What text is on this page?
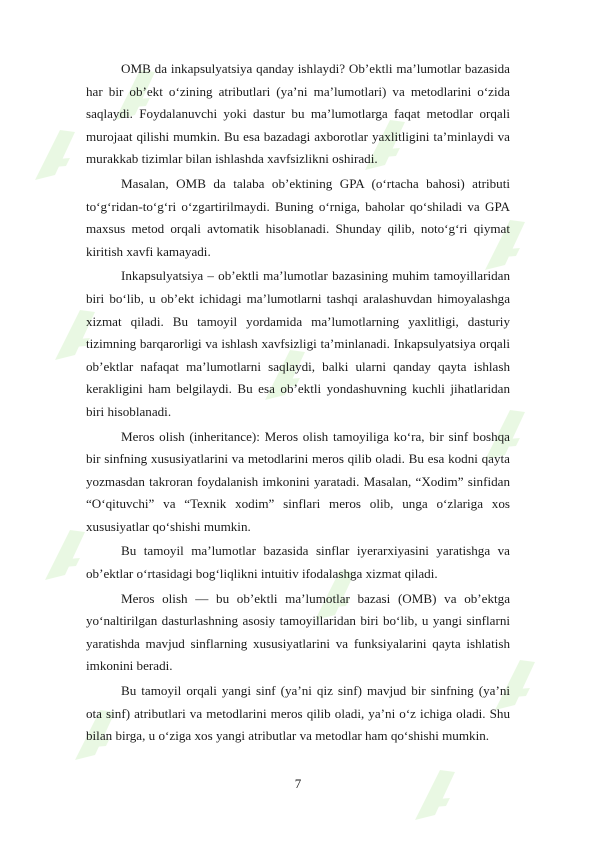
OMB da inkapsulyatsiya qanday ishlaydi? Ob’ektli ma’lumotlar bazasida har bir ob’ekt o‘zining atributlari (ya’ni ma’lumotlari) va metodlarini o‘zida saqlaydi. Foydalanuvchi yoki dastur bu ma’lumotlarga faqat metodlar orqali murojaat qilishi mumkin. Bu esa bazadagi axborotlar yaxlitligini ta’minlaydi va murakkab tizimlar bilan ishlashda xavfsizlikni oshiradi.

Masalan, OMB da talaba ob’ektining GPA (o‘rtacha bahosi) atributi to‘g‘ridan-to‘g‘ri o‘zgartirilmaydi. Buning o‘rniga, baholar qo‘shiladi va GPA maxsus metod orqali avtomatik hisoblanadi. Shunday qilib, noto‘g‘ri qiymat kiritish xavfi kamayadi.

Inkapsulyatsiya – ob’ektli ma’lumotlar bazasining muhim tamoyillaridan biri bo‘lib, u ob’ekt ichidagi ma’lumotlarni tashqi aralashuvdan himoyalashga xizmat qiladi. Bu tamoyil yordamida ma’lumotlarning yaxlitligi, dasturiy tizimning barqarorligi va ishlash xavfsizligi ta’minlanadi. Inkapsulyatsiya orqali ob’ektlar nafaqat ma’lumotlarni saqlaydi, balki ularni qanday qayta ishlash kerakligini ham belgilaydi. Bu esa ob’ektli yondashuvning kuchli jihatlaridan biri hisoblanadi.

Meros olish (inheritance): Meros olish tamoyiliga ko‘ra, bir sinf boshqa bir sinfning xususiyatlarini va metodlarini meros qilib oladi. Bu esa kodni qayta yozmasdan takroran foydalanish imkonini yaratadi. Masalan, “Xodim” sinfidan “O‘qituvchi” va “Texnik xodim” sinflari meros olib, unga o‘zlariga xos xususiyatlar qo‘shishi mumkin.

Bu tamoyil ma’lumotlar bazasida sinflar iyerarxiyasini yaratishga va ob’ektlar o‘rtasidagi bog‘liqlikni intuitiv ifodalashga xizmat qiladi.

Meros olish — bu ob’ektli ma’lumotlar bazasi (OMB) va ob’ektga yo‘naltirilgan dasturlashning asosiy tamoyillaridan biri bo‘lib, u yangi sinflarni yaratishda mavjud sinflarning xususiyatlarini va funksiyalarini qayta ishlatish imkonini beradi.

Bu tamoyil orqali yangi sinf (ya’ni qiz sinf) mavjud bir sinfning (ya’ni ota sinf) atributlari va metodlarini meros qilib oladi, ya’ni o‘z ichiga oladi. Shu bilan birga, u o‘ziga xos yangi atributlar va metodlar ham qo‘shishi mumkin.

7
